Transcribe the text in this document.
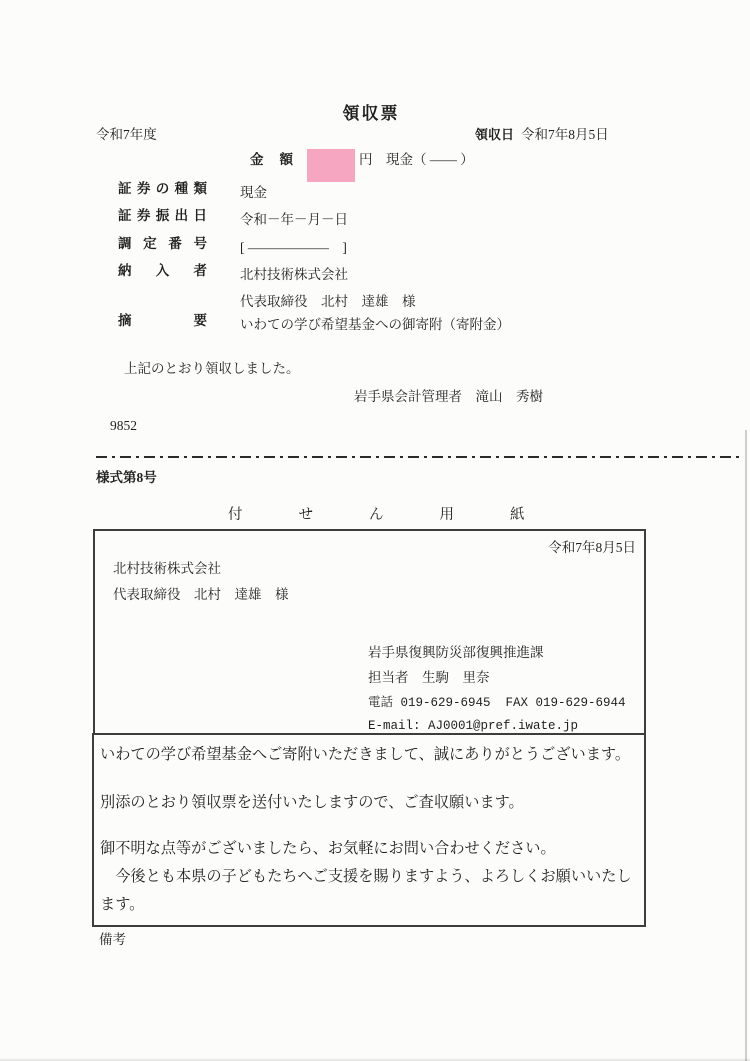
領収票
令和7年度	領収日 令和7年8月5日
金額	円　現金（ ―― ）
証券の種類 現金
証券振出日 令和－年－月－日
調定番号 [ ――――――　]
納入者 北村技術株式会社
代表取締役　北村　達雄　様
摘要 いわての学び希望基金への御寄附（寄附金）
上記のとおり領収しました。
岩手県会計管理者　滝山　秀樹
9852
様式第8号
付せん用紙
令和7年8月5日
北村技術株式会社
代表取締役　北村　達雄　様
岩手県復興防災部復興推進課
担当者　生駒　里奈
電話 019-629-6945  FAX 019-629-6944
E-mail: AJ0001@pref.iwate.jp
いわての学び希望基金へご寄附いただきまして、誠にありがとうございます。
別添のとおり領収票を送付いたしますので、ご査収願います。
御不明な点等がございましたら、お気軽にお問い合わせください。
今後とも本県の子どもたちへご支援を賜りますよう、よろしくお願いいたします。
備考
